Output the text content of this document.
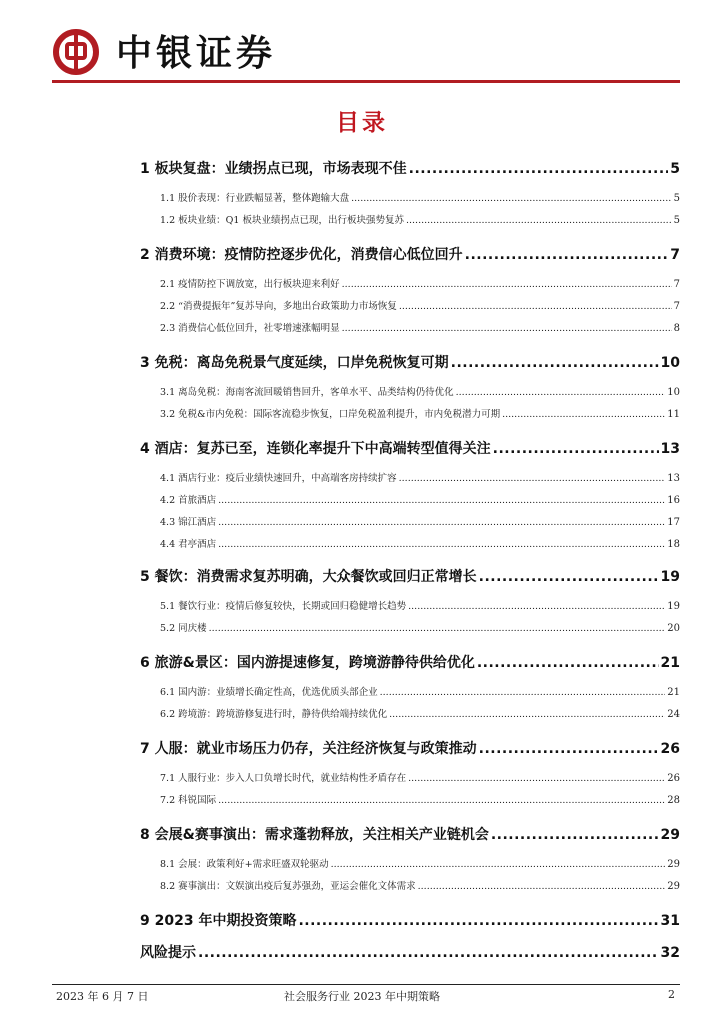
中银证券
目录
1 板块复盘：业绩拐点已现，市场表现不佳 .....	5
1.1 股价表现：行业跌幅显著，整体跑输大盘 .....	5
1.2 板块业绩：Q1 板块业绩拐点已现，出行板块强势复苏 .....	5
2 消费环境：疫情防控逐步优化，消费信心低位回升 .....	7
2.1 疫情防控下调放宽，出行板块迎来利好 .....	7
2.2 “消费提振年”复苏导向，多地出台政策助力市场恢复 .....	7
2.3 消费信心低位回升，社零增速涨幅明显 .....	8
3 免税：离岛免税景气度延续，口岸免税恢复可期 .....	10
3.1 离岛免税：海南客流回暖销售回升，客单水平、品类结构仍待优化 .....	10
3.2 免税&市内免税：国际客流稳步恢复，口岸免税盈利提升，市内免税潜力可期 .....	11
4 酒店：复苏已至，连锁化率提升下中高端转型值得关注 .....	13
4.1 酒店行业：疫后业绩快速回升，中高端客房持续扩容 .....	13
4.2 首旅酒店 .....	16
4.3 锦江酒店 .....	17
4.4 君亭酒店 .....	18
5 餐饮：消费需求复苏明确，大众餐饮或回归正常增长 .....	19
5.1 餐饮行业：疫情后修复较快，长期或回归稳健增长趋势 .....	19
5.2 同庆楼 .....	20
6 旅游&景区：国内游提速修复，跨境游静待供给优化 .....	21
6.1 国内游：业绩增长确定性高，优选优质头部企业 .....	21
6.2 跨境游：跨境游修复进行时，静待供给端持续优化 .....	24
7 人服：就业市场压力仍存，关注经济恢复与政策推动 .....	26
7.1 人服行业：步入人口负增长时代，就业结构性矛盾存在 .....	26
7.2 科锐国际 .....	28
8 会展&赛事演出：需求蓬勃释放，关注相关产业链机会 .....	29
8.1 会展：政策利好+需求旺盛双轮驱动 .....	29
8.2 赛事演出：文娱演出疫后复苏强劲，亚运会催化文体需求 .....	29
9 2023 年中期投资策略 .....	31
风险提示 .....	32
2023 年 6 月 7 日	社会服务行业 2023 年中期策略	2
